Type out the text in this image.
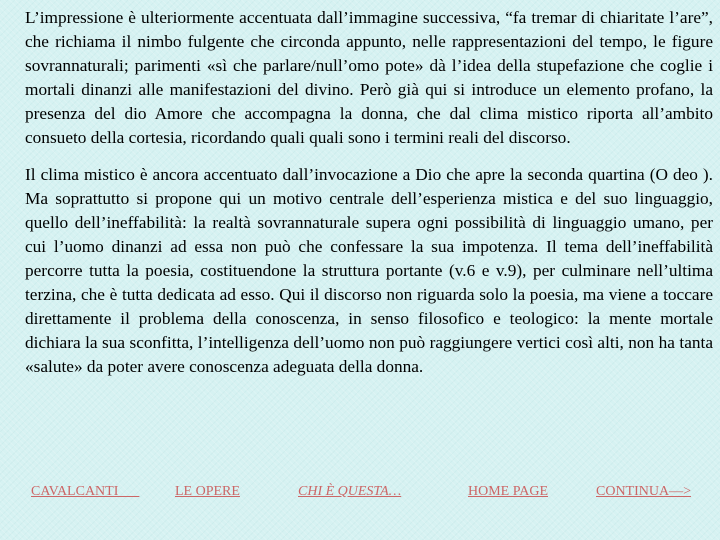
L’impressione è ulteriormente accentuata dall’immagine successiva, “fa tremar di chiaritate l’are”, che richiama il nimbo fulgente che circonda appunto, nelle rappresentazioni del tempo, le figure sovrannaturali; parimenti «sì che parlare/null’omo pote» dà l’idea della stupefazione che coglie i mortali dinanzi alle manifestazioni del divino. Però già qui si introduce un elemento profano, la presenza del dio Amore che accompagna la donna, che dal clima mistico riporta all’ambito consueto della cortesia, ricordando quali quali sono i termini reali del discorso.

Il clima mistico è ancora accentuato dall’invocazione a Dio che apre la seconda quartina (O deo ). Ma soprattutto si propone qui un motivo centrale dell’esperienza mistica e del suo linguaggio, quello dell’ineffabilità: la realtà sovrannaturale supera ogni possibilità di linguaggio umano, per cui l’uomo dinanzi ad essa non può che confessare la sua impotenza. Il tema dell’ineffabilità percorre tutta la poesia, costituendone la struttura portante (v.6 e v.9), per culminare nell’ultima terzina, che è tutta dedicata ad esso. Qui il discorso non riguarda solo la poesia, ma viene a toccare direttamente il problema della conoscenza, in senso filosofico e teologico: la mente mortale dichiara la sua sconfitta, l’intelligenza dell’uomo non può raggiungere vertici così alti, non ha tanta «salute» da poter avere conoscenza adeguata della donna.

CAVALCANTI	LE OPERE	CHI È QUESTA…	HOME PAGE	CONTINUA—>
